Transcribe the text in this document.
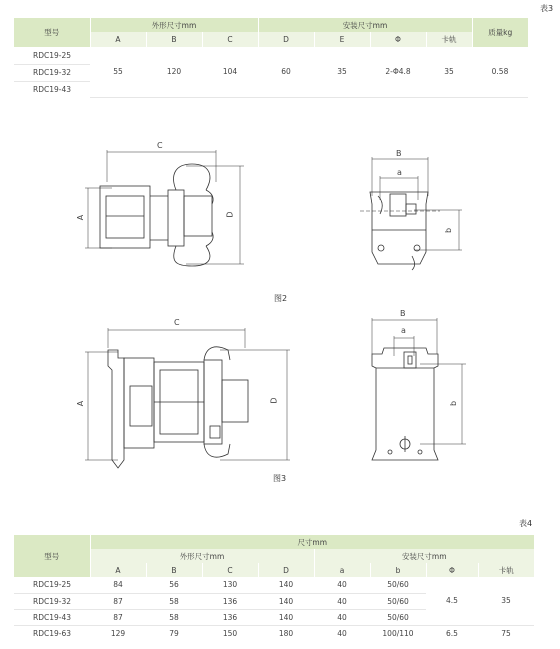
表3
型号	外形尺寸mm			安装尺寸mm				质量kg
	A	B	C	D	E	Φ	卡轨	
RDC19-25	55	120	104	60	35	2-Φ4.8	35	0.58
RDC19-32								
RDC19-43								
C
A	D
B
a
b
图2
C
A	D
B
a
b
图3
表4
型号	尺寸mm							
	外形尺寸mm				安装尺寸mm			
	A	B	C	D	a	b	Φ	卡轨
RDC19-25	84	56	130	140	40	50/60	4.5	35
RDC19-32	87	58	136	140	40	50/60		
RDC19-43	87	58	136	140	40	50/60		
RDC19-63	129	79	150	180	40	100/110	6.5	75
